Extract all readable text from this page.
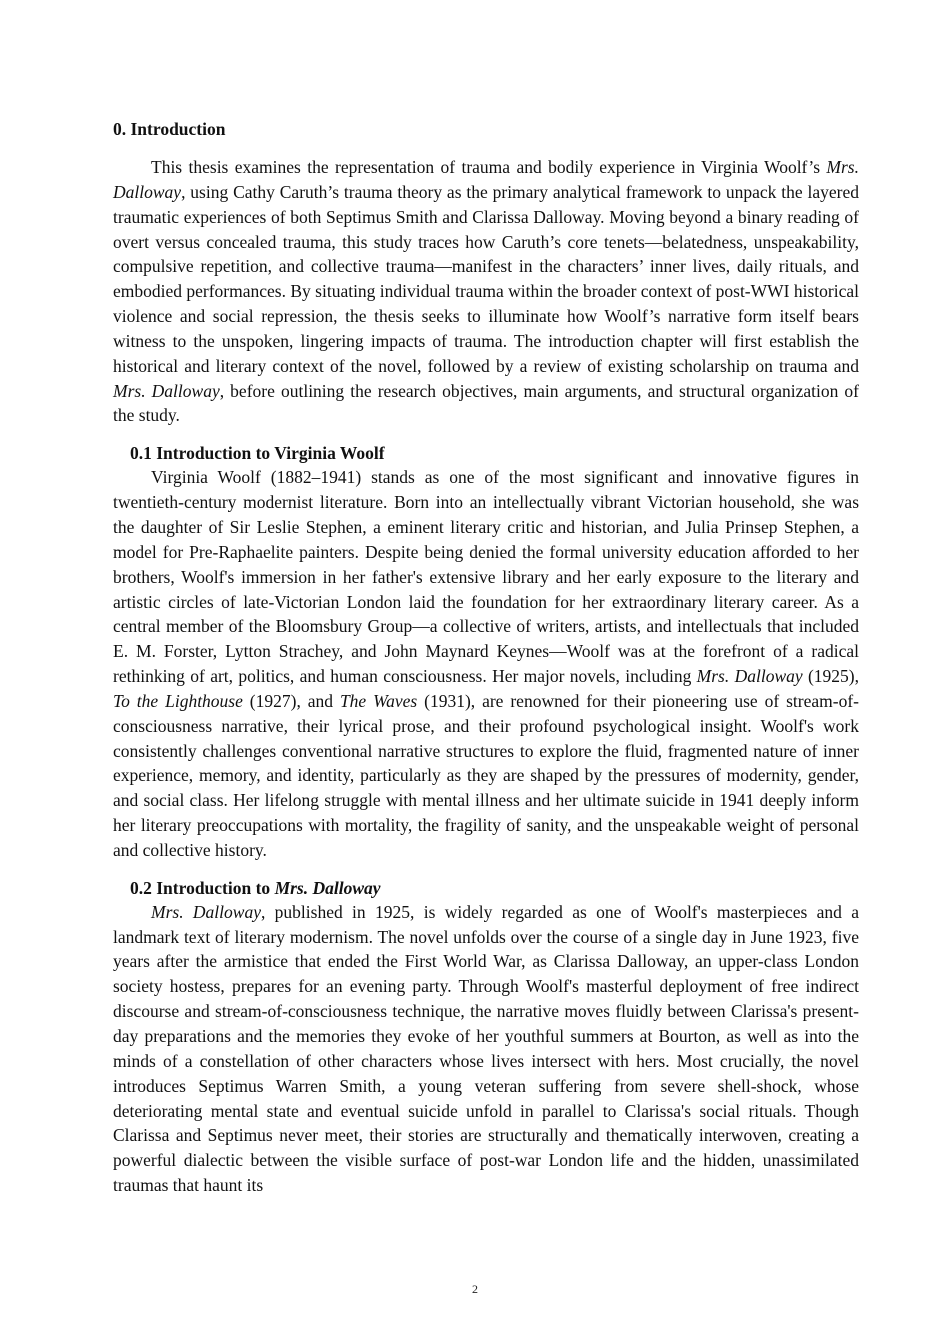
0. Introduction

This thesis examines the representation of trauma and bodily experience in Virginia Woolf’s Mrs. Dalloway, using Cathy Caruth’s trauma theory as the primary analytical framework to unpack the layered traumatic experiences of both Septimus Smith and Clarissa Dalloway. Moving beyond a binary reading of overt versus concealed trauma, this study traces how Caruth’s core tenets—belatedness, unspeakability, compulsive repetition, and collective trauma—manifest in the characters’ inner lives, daily rituals, and embodied performances. By situating individual trauma within the broader context of post-WWI historical violence and social repression, the thesis seeks to illuminate how Woolf’s narrative form itself bears witness to the unspoken, lingering impacts of trauma. The introduction chapter will first establish the historical and literary context of the novel, followed by a review of existing scholarship on trauma and Mrs. Dalloway, before outlining the research objectives, main arguments, and structural organization of the study.

0.1 Introduction to Virginia Woolf

Virginia Woolf (1882–1941) stands as one of the most significant and innovative figures in twentieth-century modernist literature. Born into an intellectually vibrant Victorian household, she was the daughter of Sir Leslie Stephen, a eminent literary critic and historian, and Julia Prinsep Stephen, a model for Pre-Raphaelite painters. Despite being denied the formal university education afforded to her brothers, Woolf's immersion in her father's extensive library and her early exposure to the literary and artistic circles of late-Victorian London laid the foundation for her extraordinary literary career. As a central member of the Bloomsbury Group—a collective of writers, artists, and intellectuals that included E. M. Forster, Lytton Strachey, and John Maynard Keynes—Woolf was at the forefront of a radical rethinking of art, politics, and human consciousness. Her major novels, including Mrs. Dalloway (1925), To the Lighthouse (1927), and The Waves (1931), are renowned for their pioneering use of stream-of-consciousness narrative, their lyrical prose, and their profound psychological insight. Woolf's work consistently challenges conventional narrative structures to explore the fluid, fragmented nature of inner experience, memory, and identity, particularly as they are shaped by the pressures of modernity, gender, and social class. Her lifelong struggle with mental illness and her ultimate suicide in 1941 deeply inform her literary preoccupations with mortality, the fragility of sanity, and the unspeakable weight of personal and collective history.

0.2 Introduction to Mrs. Dalloway

Mrs. Dalloway, published in 1925, is widely regarded as one of Woolf's masterpieces and a landmark text of literary modernism. The novel unfolds over the course of a single day in June 1923, five years after the armistice that ended the First World War, as Clarissa Dalloway, an upper-class London society hostess, prepares for an evening party. Through Woolf's masterful deployment of free indirect discourse and stream-of-consciousness technique, the narrative moves fluidly between Clarissa's present-day preparations and the memories they evoke of her youthful summers at Bourton, as well as into the minds of a constellation of other characters whose lives intersect with hers. Most crucially, the novel introduces Septimus Warren Smith, a young veteran suffering from severe shell-shock, whose deteriorating mental state and eventual suicide unfold in parallel to Clarissa's social rituals. Though Clarissa and Septimus never meet, their stories are structurally and thematically interwoven, creating a powerful dialectic between the visible surface of post-war London life and the hidden, unassimilated traumas that haunt its

2
